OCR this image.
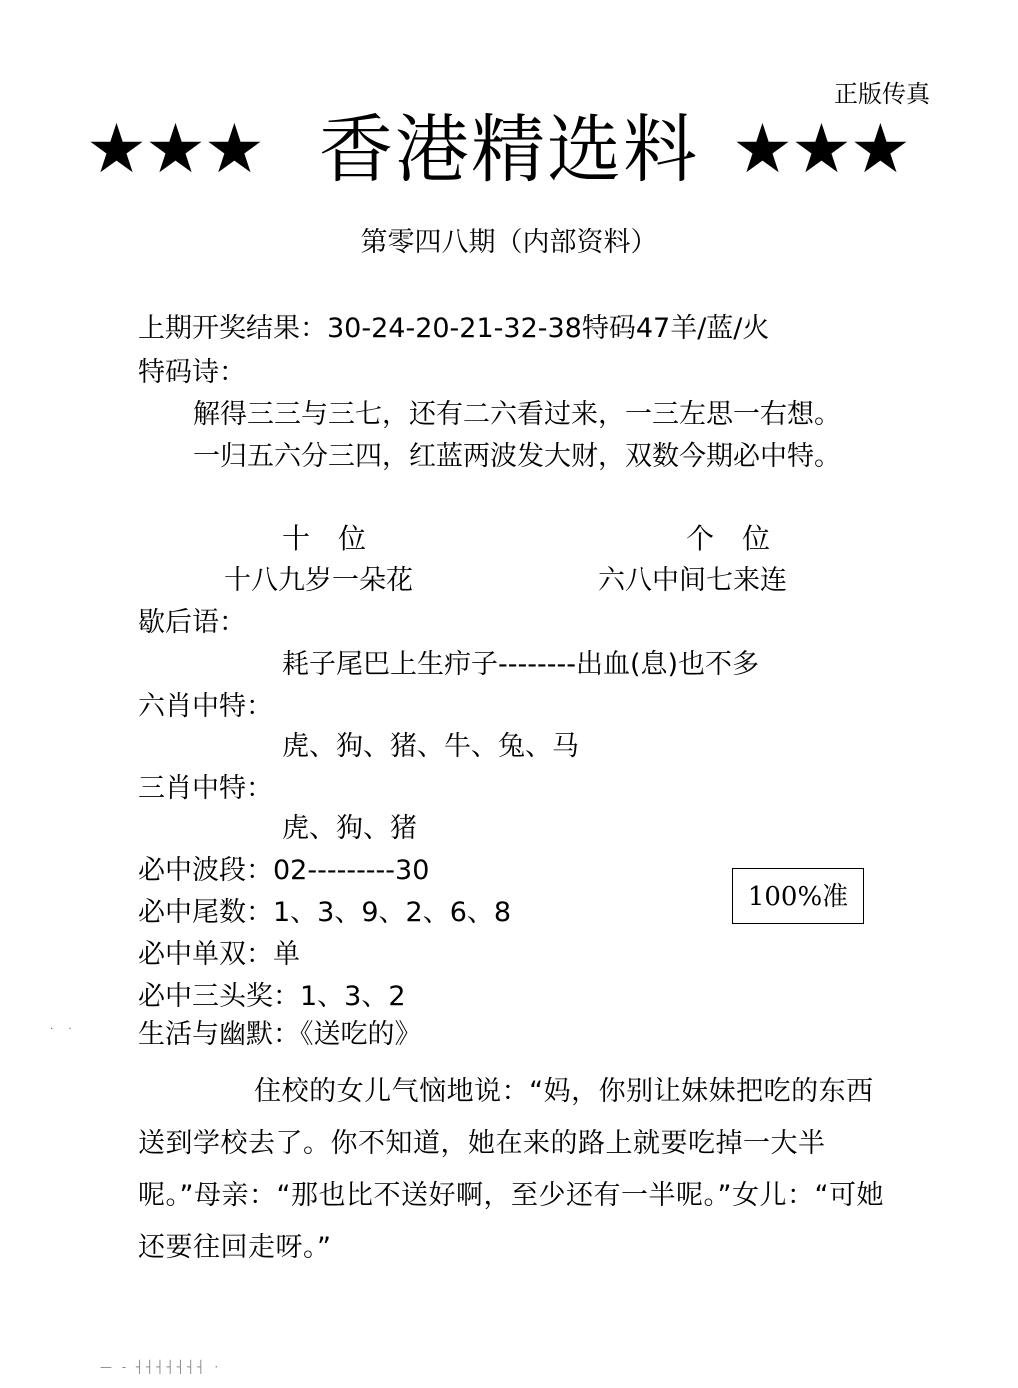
正版传真
★★★ 香港精选料 ★★★
第零四八期（内部资料）
上期开奖结果：30-24-20-21-32-38特码47羊/蓝/火
特码诗：
解得三三与三七，还有二六看过来，一三左思一右想。
一归五六分三四，红蓝两波发大财，双数今期必中特。
十　位	个　位
十八九岁一朵花	六八中间七来连
歇后语：
耗子尾巴上生疖子--------出血(息)也不多
六肖中特：
虎、狗、猪、牛、兔、马
三肖中特：
虎、狗、猪
必中波段：02---------30
必中尾数：1、3、9、2、6、8
必中单双：单
必中三头奖：1、3、2
生活与幽默：《送吃的》
住校的女儿气恼地说：“妈，你别让妹妹把吃的东西送到学校去了。你不知道，她在来的路上就要吃掉一大半呢。”母亲：“那也比不送好啊，至少还有一半呢。”女儿：“可她还要往回走呀。”
100%准
· ·
— ‐ ┤┤┤┤┤┤┤ ·
